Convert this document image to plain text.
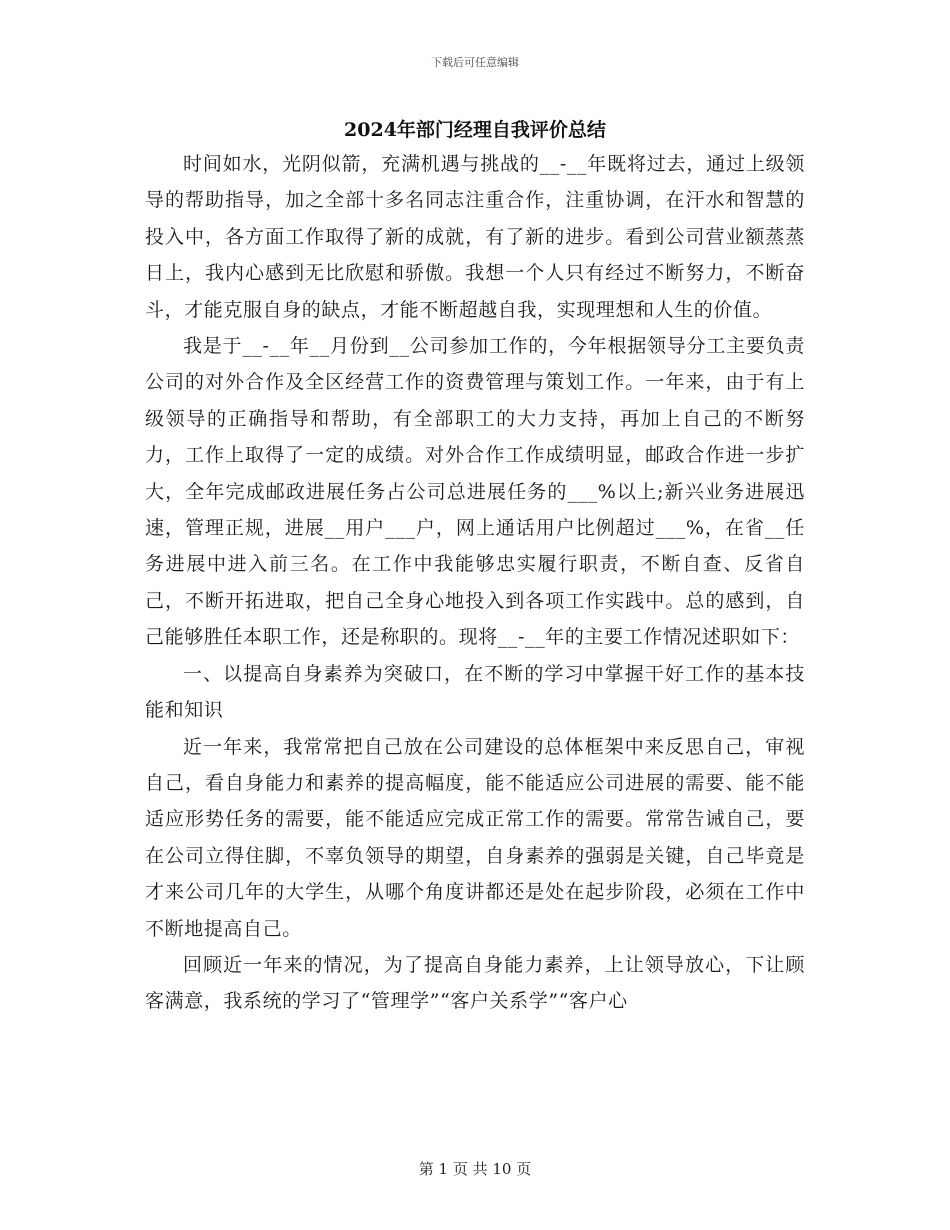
下载后可任意编辑
2024年部门经理自我评价总结

时间如水，光阴似箭，充满机遇与挑战的__-__年既将过去，通过上级领导的帮助指导，加之全部十多名同志注重合作，注重协调，在汗水和智慧的投入中，各方面工作取得了新的成就，有了新的进步。看到公司营业额蒸蒸日上，我内心感到无比欣慰和骄傲。我想一个人只有经过不断努力，不断奋斗，才能克服自身的缺点，才能不断超越自我，实现理想和人生的价值。

我是于__-__年__月份到__公司参加工作的，今年根据领导分工主要负责公司的对外合作及全区经营工作的资费管理与策划工作。一年来，由于有上级领导的正确指导和帮助，有全部职工的大力支持，再加上自己的不断努力，工作上取得了一定的成绩。对外合作工作成绩明显，邮政合作进一步扩大，全年完成邮政进展任务占公司总进展任务的___%以上;新兴业务进展迅速，管理正规，进展__用户___户，网上通话用户比例超过___%，在省__任务进展中进入前三名。在工作中我能够忠实履行职责，不断自查、反省自己，不断开拓进取，把自己全身心地投入到各项工作实践中。总的感到，自己能够胜任本职工作，还是称职的。现将__-__年的主要工作情况述职如下：

一、以提高自身素养为突破口，在不断的学习中掌握干好工作的基本技能和知识

近一年来，我常常把自己放在公司建设的总体框架中来反思自己，审视自己，看自身能力和素养的提高幅度，能不能适应公司进展的需要、能不能适应形势任务的需要，能不能适应完成正常工作的需要。常常告诫自己，要在公司立得住脚，不辜负领导的期望，自身素养的强弱是关键，自己毕竟是才来公司几年的大学生，从哪个角度讲都还是处在起步阶段，必须在工作中不断地提高自己。

回顾近一年来的情况，为了提高自身能力素养，上让领导放心，下让顾客满意，我系统的学习了“管理学”“客户关系学”“客户心

第 1 页 共 10 页
